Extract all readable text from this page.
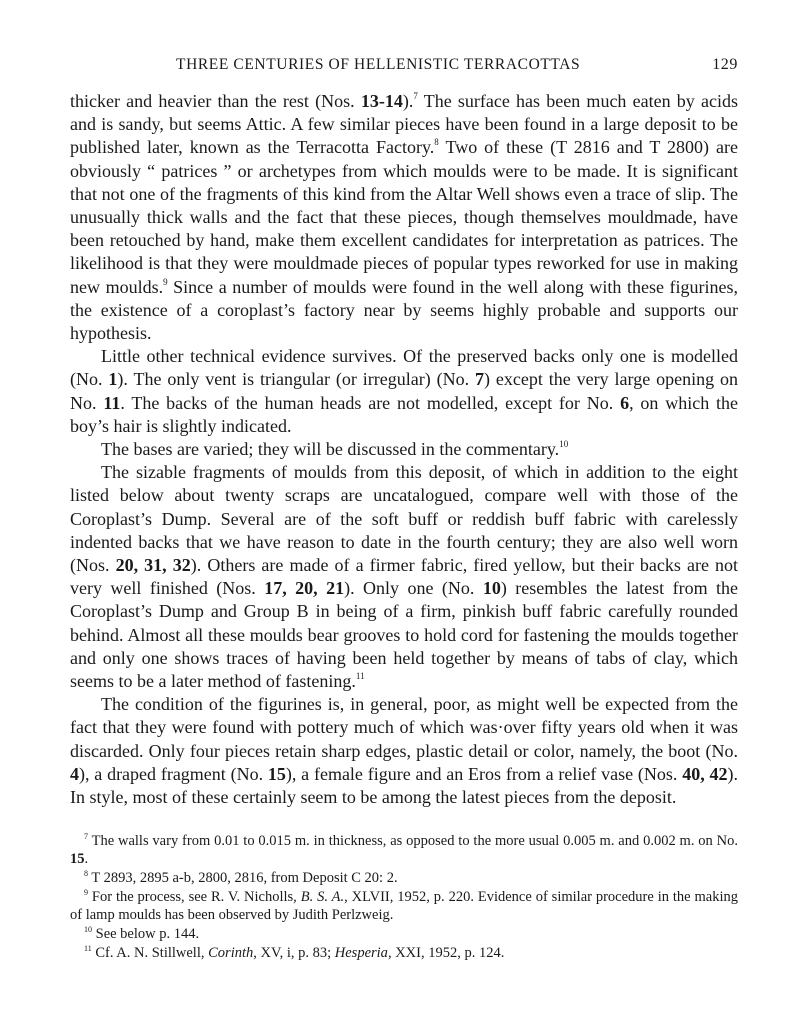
THREE CENTURIES OF HELLENISTIC TERRACOTTAS	129

thicker and heavier than the rest (Nos. 13-14).$^7$ The surface has been much eaten by acids and is sandy, but seems Attic. A few similar pieces have been found in a large deposit to be published later, known as the Terracotta Factory.$^8$ Two of these (T 2816 and T 2800) are obviously “ patrices ” or archetypes from which moulds were to be made. It is significant that not one of the fragments of this kind from the Altar Well shows even a trace of slip. The unusually thick walls and the fact that these pieces, though themselves mouldmade, have been retouched by hand, make them excellent candidates for interpretation as patrices. The likelihood is that they were mouldmade pieces of popular types reworked for use in making new moulds.$^9$ Since a number of moulds were found in the well along with these figurines, the existence of a coroplast’s factory near by seems highly probable and supports our hypothesis.

Little other technical evidence survives. Of the preserved backs only one is modelled (No. 1). The only vent is triangular (or irregular) (No. 7) except the very large opening on No. 11. The backs of the human heads are not modelled, except for No. 6, on which the boy’s hair is slightly indicated.

The bases are varied; they will be discussed in the commentary.$^{10}$

The sizable fragments of moulds from this deposit, of which in addition to the eight listed below about twenty scraps are uncatalogued, compare well with those of the Coroplast’s Dump. Several are of the soft buff or reddish buff fabric with carelessly indented backs that we have reason to date in the fourth century; they are also well worn (Nos. 20, 31, 32). Others are made of a firmer fabric, fired yellow, but their backs are not very well finished (Nos. 17, 20, 21). Only one (No. 10) resembles the latest from the Coroplast’s Dump and Group B in being of a firm, pinkish buff fabric carefully rounded behind. Almost all these moulds bear grooves to hold cord for fastening the moulds together and only one shows traces of having been held together by means of tabs of clay, which seems to be a later method of fastening.$^{11}$

The condition of the figurines is, in general, poor, as might well be expected from the fact that they were found with pottery much of which was·over fifty years old when it was discarded. Only four pieces retain sharp edges, plastic detail or color, namely, the boot (No. 4), a draped fragment (No. 15), a female figure and an Eros from a relief vase (Nos. 40, 42). In style, most of these certainly seem to be among the latest pieces from the deposit.

$^7$ The walls vary from 0.01 to 0.015 m. in thickness, as opposed to the more usual 0.005 m. and 0.002 m. on No. 15.

$^8$ T 2893, 2895 a-b, 2800, 2816, from Deposit C 20: 2.

$^9$ For the process, see R. V. Nicholls, B. S. A., XLVII, 1952, p. 220. Evidence of similar procedure in the making of lamp moulds has been observed by Judith Perlzweig.

$^{10}$ See below p. 144.

$^{11}$ Cf. A. N. Stillwell, Corinth, XV, i, p. 83; Hesperia, XXI, 1952, p. 124.
